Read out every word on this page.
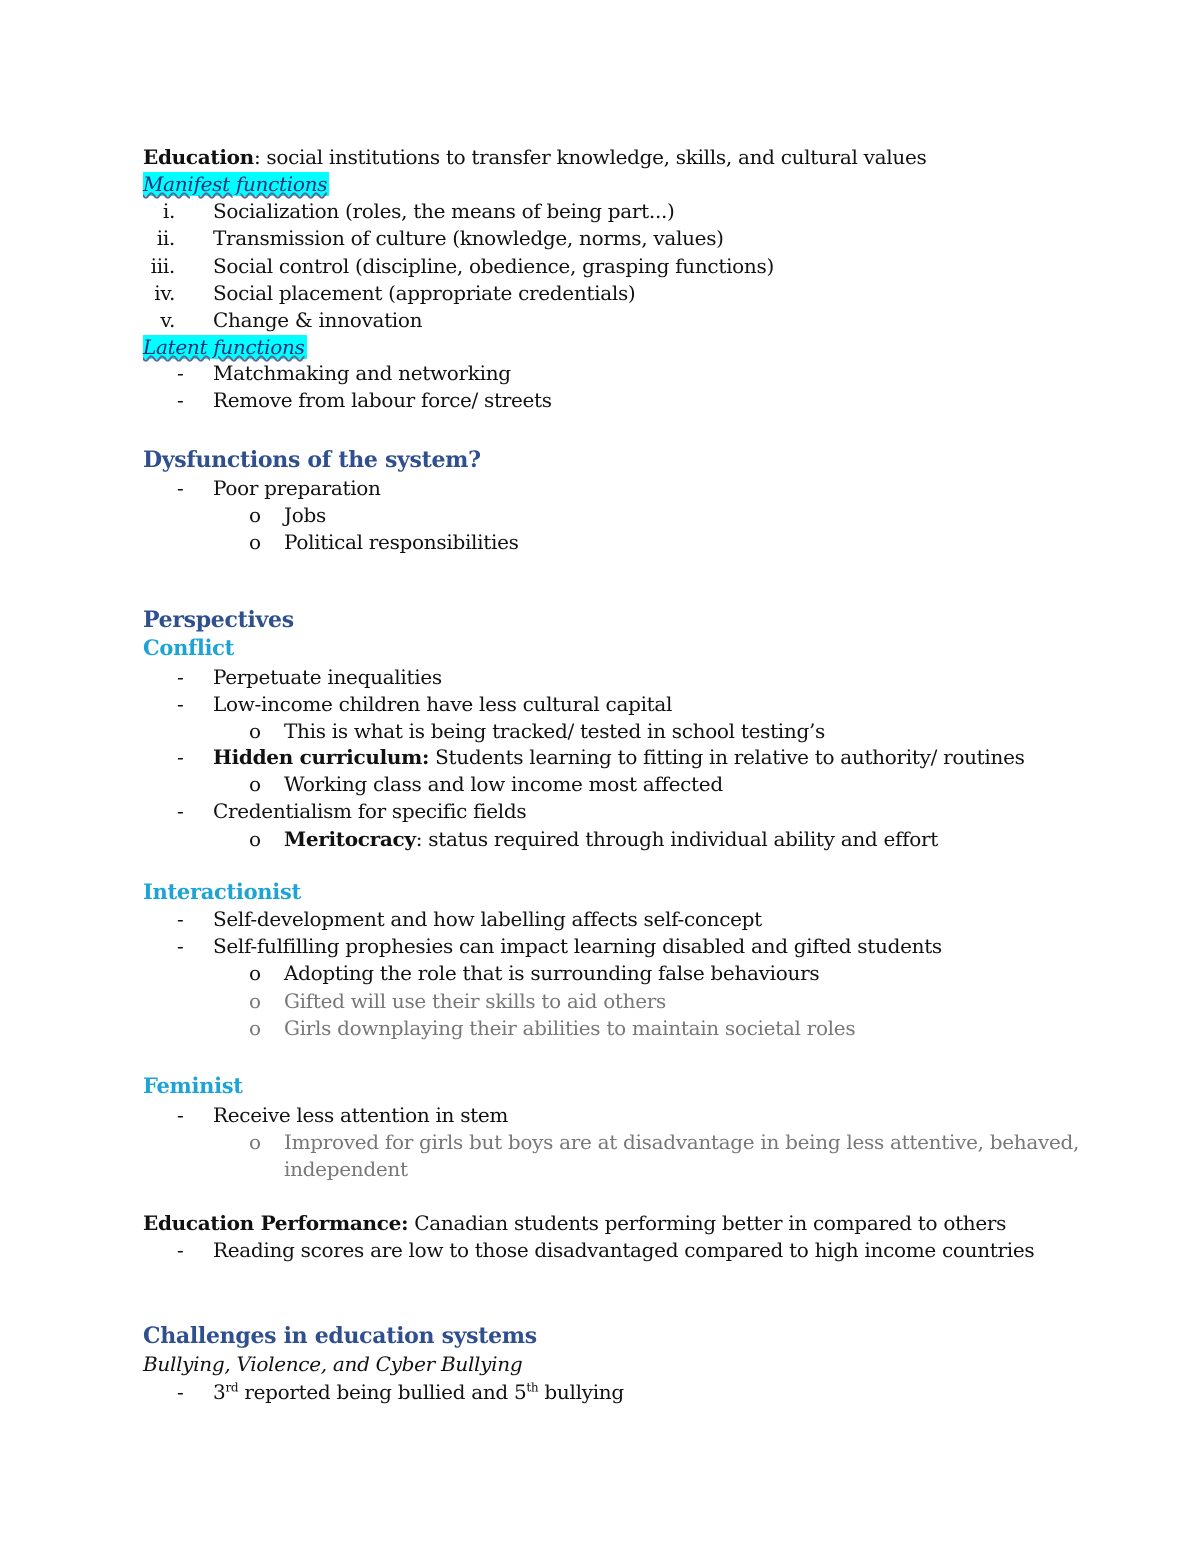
Education: social institutions to transfer knowledge, skills, and cultural values
Manifest functions
i. Socialization (roles, the means of being part...)
ii. Transmission of culture (knowledge, norms, values)
iii. Social control (discipline, obedience, grasping functions)
iv. Social placement (appropriate credentials)
v. Change & innovation
Latent functions
- Matchmaking and networking
- Remove from labour force/ streets
Dysfunctions of the system?
- Poor preparation
o Jobs
o Political responsibilities
Perspectives
Conflict
- Perpetuate inequalities
- Low-income children have less cultural capital
o This is what is being tracked/ tested in school testing’s
- Hidden curriculum: Students learning to fitting in relative to authority/ routines
o Working class and low income most affected
- Credentialism for specific fields
o Meritocracy: status required through individual ability and effort
Interactionist
- Self-development and how labelling affects self-concept
- Self-fulfilling prophesies can impact learning disabled and gifted students
o Adopting the role that is surrounding false behaviours
o Gifted will use their skills to aid others
o Girls downplaying their abilities to maintain societal roles
Feminist
- Receive less attention in stem
o Improved for girls but boys are at disadvantage in being less attentive, behaved,
independent
Education Performance: Canadian students performing better in compared to others
- Reading scores are low to those disadvantaged compared to high income countries
Challenges in education systems
Bullying, Violence, and Cyber Bullying
- 3rd reported being bullied and 5th bullying
